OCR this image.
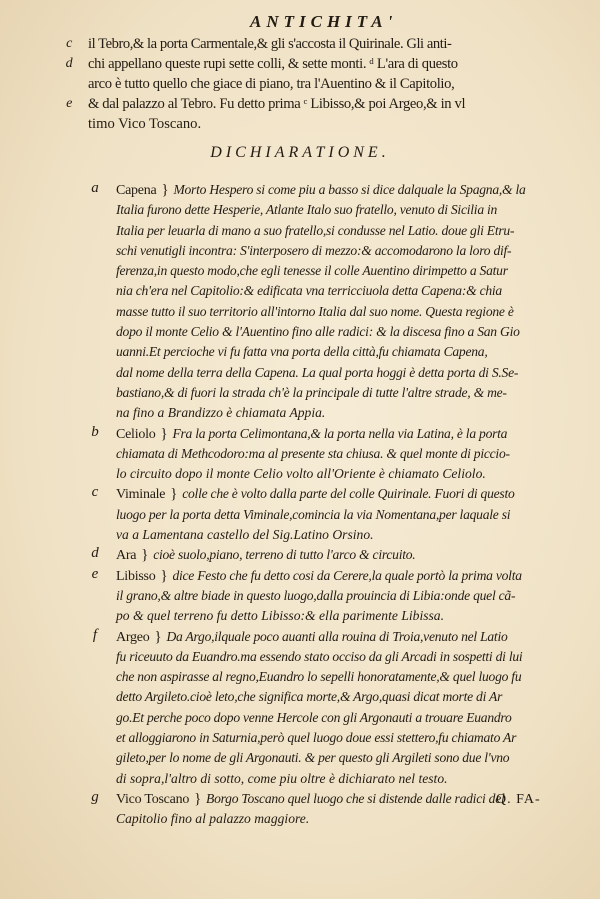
ANTICHITA'
c il Tebro,& la porta Carmentale,& gli s'accosta il Quirinale. Gli anti-
d chi appellano queste rupi sette colli, & sette monti. ᵈ L'ara di questo
arco è tutto quello che giace di piano, tra l'Auentino & il Capitolio,
e & dal palazzo al Tebro. Fu detto prima ᶜ Libisso,& poi Argeo,& in vl
timo Vico Toscano.
DICHIARATIONE.
a Capena } Morto Hespero si come piu a basso si dice dalquale la Spagna,& la
Italia furono dette Hesperie, Atlante Italo suo fratello, venuto di Sicilia in
Italia per leuarla di mano a suo fratello,si condusse nel Latio. doue gli Etru-
schi venutigli incontra: S'interposero di mezzo:& accomodarono la loro dif-
ferenza,in questo modo,che egli tenesse il colle Auentino dirimpetto a Satur
nia ch'era nel Capitolio:& edificata vna terricciuola detta Capena:& chia
masse tutto il suo territorio all'intorno Italia dal suo nome. Questa regione è
dopo il monte Celio & l'Auentino fino alle radici: & la discesa fino a San Gio
uanni.Et percioche vi fu fatta vna porta della città,fu chiamata Capena,
dal nome della terra della Capena. La qual porta hoggi è detta porta di S.Se-
bastiano,& di fuori la strada ch'è la principale di tutte l'altre strade, & me-
na fino a Brandizzo è chiamata Appia.
b Celiolo } Fra la porta Celimontana,& la porta nella via Latina, è la porta
chiamata di Methcodoro:ma al presente sta chiusa. & quel monte di piccio-
lo circuito dopo il monte Celio volto all'Oriente è chiamato Celiolo.
c Viminale } colle che è volto dalla parte del colle Quirinale. Fuori di questo
luogo per la porta detta Viminale,comincia la via Nomentana,per laquale si
va a Lamentana castello del Sig.Latino Orsino.
d Ara } cioè suolo,piano, terreno di tutto l'arco & circuito.
e Libisso } dice Festo che fu detto cosi da Cerere,la quale portò la prima volta
il grano,& altre biade in questo luogo,dalla prouincia di Libia:onde quel cã-
po & quel terreno fu detto Libisso:& ella parimente Libissa.
f	Argeo } Da Argo,ilquale poco auanti alla rouina di Troia,venuto nel Latio
fu riceuuto da Euandro.ma essendo stato occiso da gli Arcadi in sospetti di lui
che non aspirasse al regno,Euandro lo sepelli honoratamente,& quel luogo fu
detto Argileto.cioè leto,che significa morte,& Argo,quasi dicat morte di Ar
go.Et perche poco dopo venne Hercole con gli Argonauti a trouare Euandro
et alloggiarono in Saturnia,però quel luogo doue essi stettero,fu chiamato Ar
gileto,per lo nome de gli Argonauti. & per questo gli Argileti sono due l'vno
di sopra,l'altro di sotto, come piu oltre è dichiarato nel testo.
g Vico Toscano } Borgo Toscano quel luogo che si distende dalle radici del
Capitolio fino al palazzo maggiore.
Q. FA-
